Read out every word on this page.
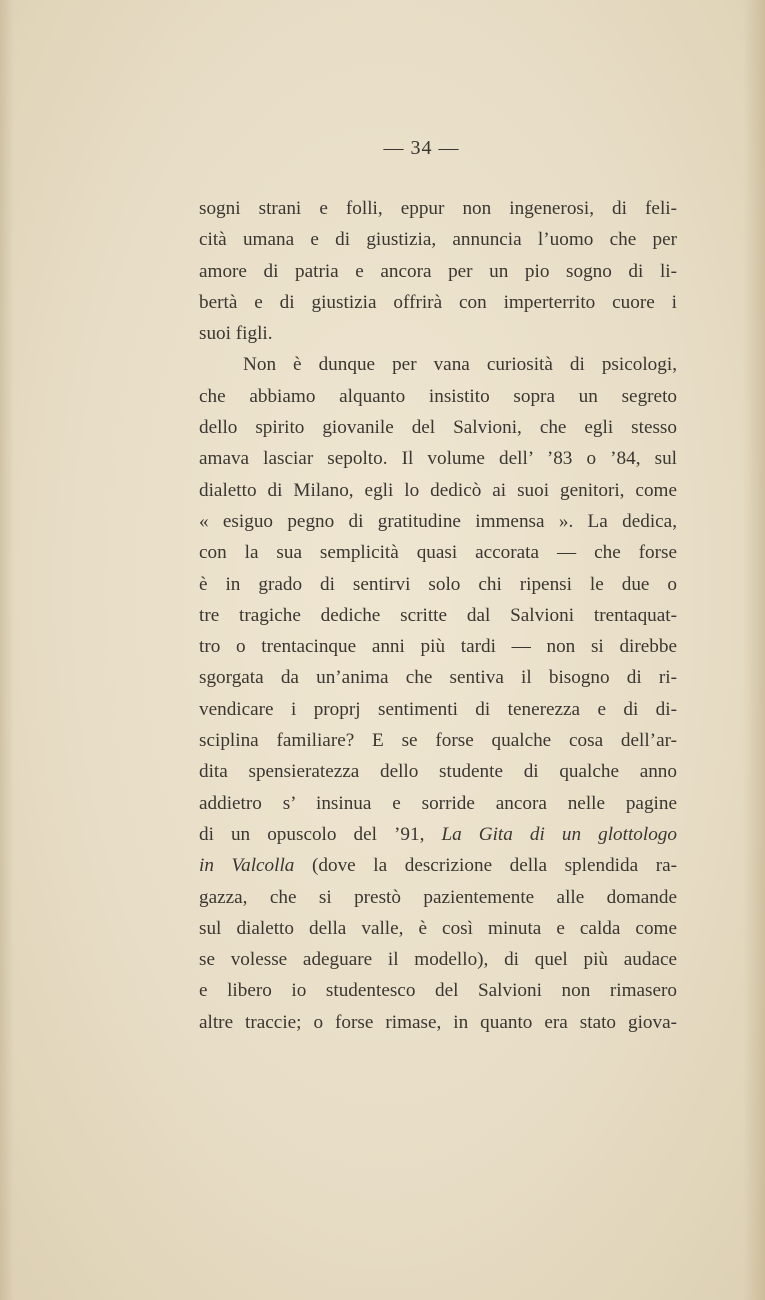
— 34 —
sogni strani e folli, eppur non ingenerosi, di feli-
cità umana e di giustizia, annuncia l’uomo che per
amore di patria e ancora per un pio sogno di li-
bertà e di giustizia offrirà con imperterrito cuore i
suoi figli.
Non è dunque per vana curiosità di psicologi,
che abbiamo alquanto insistito sopra un segreto
dello spirito giovanile del Salvioni, che egli stesso
amava lasciar sepolto. Il volume dell’ ’83 o ’84, sul
dialetto di Milano, egli lo dedicò ai suoi genitori, come
« esiguo pegno di gratitudine immensa ». La dedica,
con la sua semplicità quasi accorata — che forse
è in grado di sentirvi solo chi ripensi le due o
tre tragiche dediche scritte dal Salvioni trentaquat-
tro o trentacinque anni più tardi — non si direbbe
sgorgata da un’anima che sentiva il bisogno di ri-
vendicare i proprj sentimenti di tenerezza e di di-
sciplina familiare? E se forse qualche cosa dell’ar-
dita spensieratezza dello studente di qualche anno
addietro s’ insinua e sorride ancora nelle pagine
di un opuscolo del ’91, La Gita di un glottologo
in Valcolla (dove la descrizione della splendida ra-
gazza, che si prestò pazientemente alle domande
sul dialetto della valle, è così minuta e calda come
se volesse adeguare il modello), di quel più audace
e libero io studentesco del Salvioni non rimasero
altre traccie; o forse rimase, in quanto era stato giova-
